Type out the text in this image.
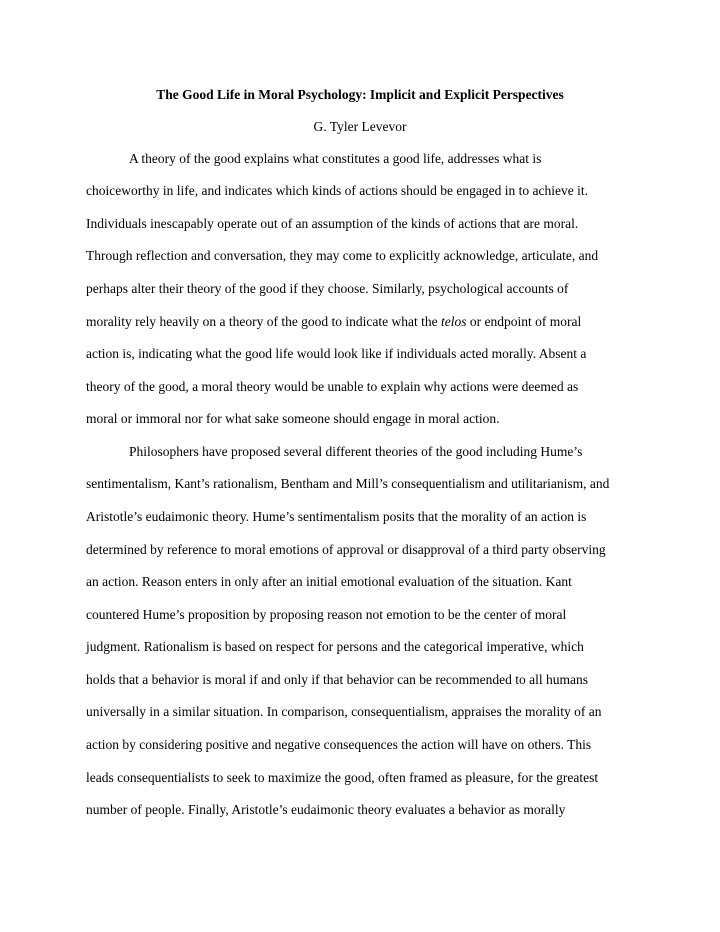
The Good Life in Moral Psychology: Implicit and Explicit Perspectives
G. Tyler Levevor
A theory of the good explains what constitutes a good life, addresses what is
choiceworthy in life, and indicates which kinds of actions should be engaged in to achieve it.
Individuals inescapably operate out of an assumption of the kinds of actions that are moral.
Through reflection and conversation, they may come to explicitly acknowledge, articulate, and
perhaps alter their theory of the good if they choose. Similarly, psychological accounts of
morality rely heavily on a theory of the good to indicate what the telos or endpoint of moral
action is, indicating what the good life would look like if individuals acted morally. Absent a
theory of the good, a moral theory would be unable to explain why actions were deemed as
moral or immoral nor for what sake someone should engage in moral action.
Philosophers have proposed several different theories of the good including Hume’s
sentimentalism, Kant’s rationalism, Bentham and Mill’s consequentialism and utilitarianism, and
Aristotle’s eudaimonic theory. Hume’s sentimentalism posits that the morality of an action is
determined by reference to moral emotions of approval or disapproval of a third party observing
an action. Reason enters in only after an initial emotional evaluation of the situation. Kant
countered Hume’s proposition by proposing reason not emotion to be the center of moral
judgment. Rationalism is based on respect for persons and the categorical imperative, which
holds that a behavior is moral if and only if that behavior can be recommended to all humans
universally in a similar situation. In comparison, consequentialism, appraises the morality of an
action by considering positive and negative consequences the action will have on others. This
leads consequentialists to seek to maximize the good, often framed as pleasure, for the greatest
number of people. Finally, Aristotle’s eudaimonic theory evaluates a behavior as morally
